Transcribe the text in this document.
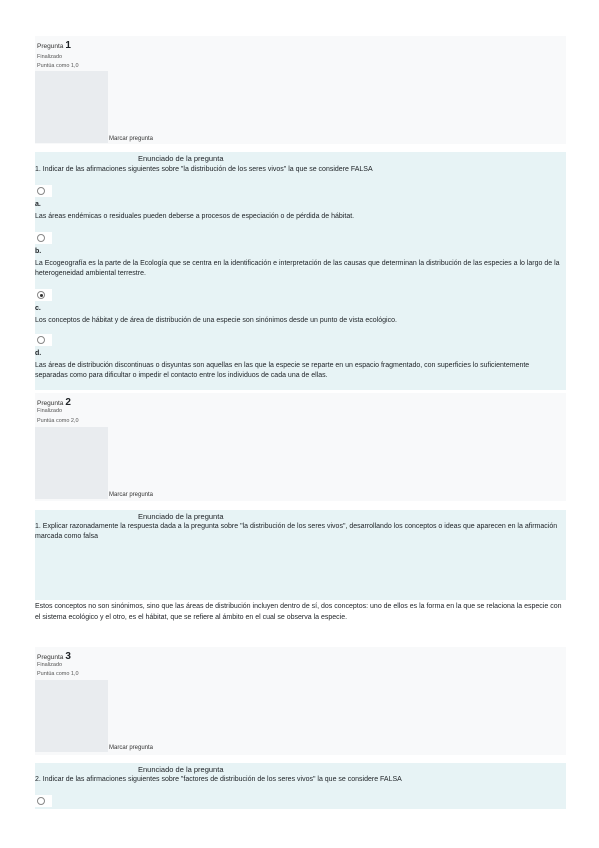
Pregunta 1
Finalizado
Puntúa como 1,0
Marcar pregunta
Enunciado de la pregunta
1. Indicar de las afirmaciones siguientes sobre "la distribución de los seres vivos" la que se considere FALSA
a.
Las áreas endémicas o residuales pueden deberse a procesos de especiación o de pérdida de hábitat.
b.
La Ecogeografía es la parte de la Ecología que se centra en la identificación e interpretación de las causas que determinan la distribución de las especies a lo largo de la heterogeneidad ambiental terrestre.
c.
Los conceptos de hábitat y de área de distribución de una especie son sinónimos desde un punto de vista ecológico.
d.
Las áreas de distribución discontinuas o disyuntas son aquellas en las que la especie se reparte en un espacio fragmentado, con superficies lo suficientemente separadas como para dificultar o impedir el contacto entre los individuos de cada una de ellas.
Pregunta 2
Finalizado
Puntúa como 2,0
Marcar pregunta
Enunciado de la pregunta
1. Explicar razonadamente la respuesta dada a la pregunta sobre "la distribución de los seres vivos", desarrollando los conceptos o ideas que aparecen en la afirmación marcada como falsa
Estos conceptos no son sinónimos, sino que las áreas de distribución incluyen dentro de sí, dos conceptos: uno de ellos es la forma en la que se relaciona la especie con el sistema ecológico y el otro, es el hábitat, que se refiere al ámbito en el cual se observa la especie.
Pregunta 3
Finalizado
Puntúa como 1,0
Marcar pregunta
Enunciado de la pregunta
2. Indicar de las afirmaciones siguientes sobre "factores de distribución de los seres vivos" la que se considere FALSA
